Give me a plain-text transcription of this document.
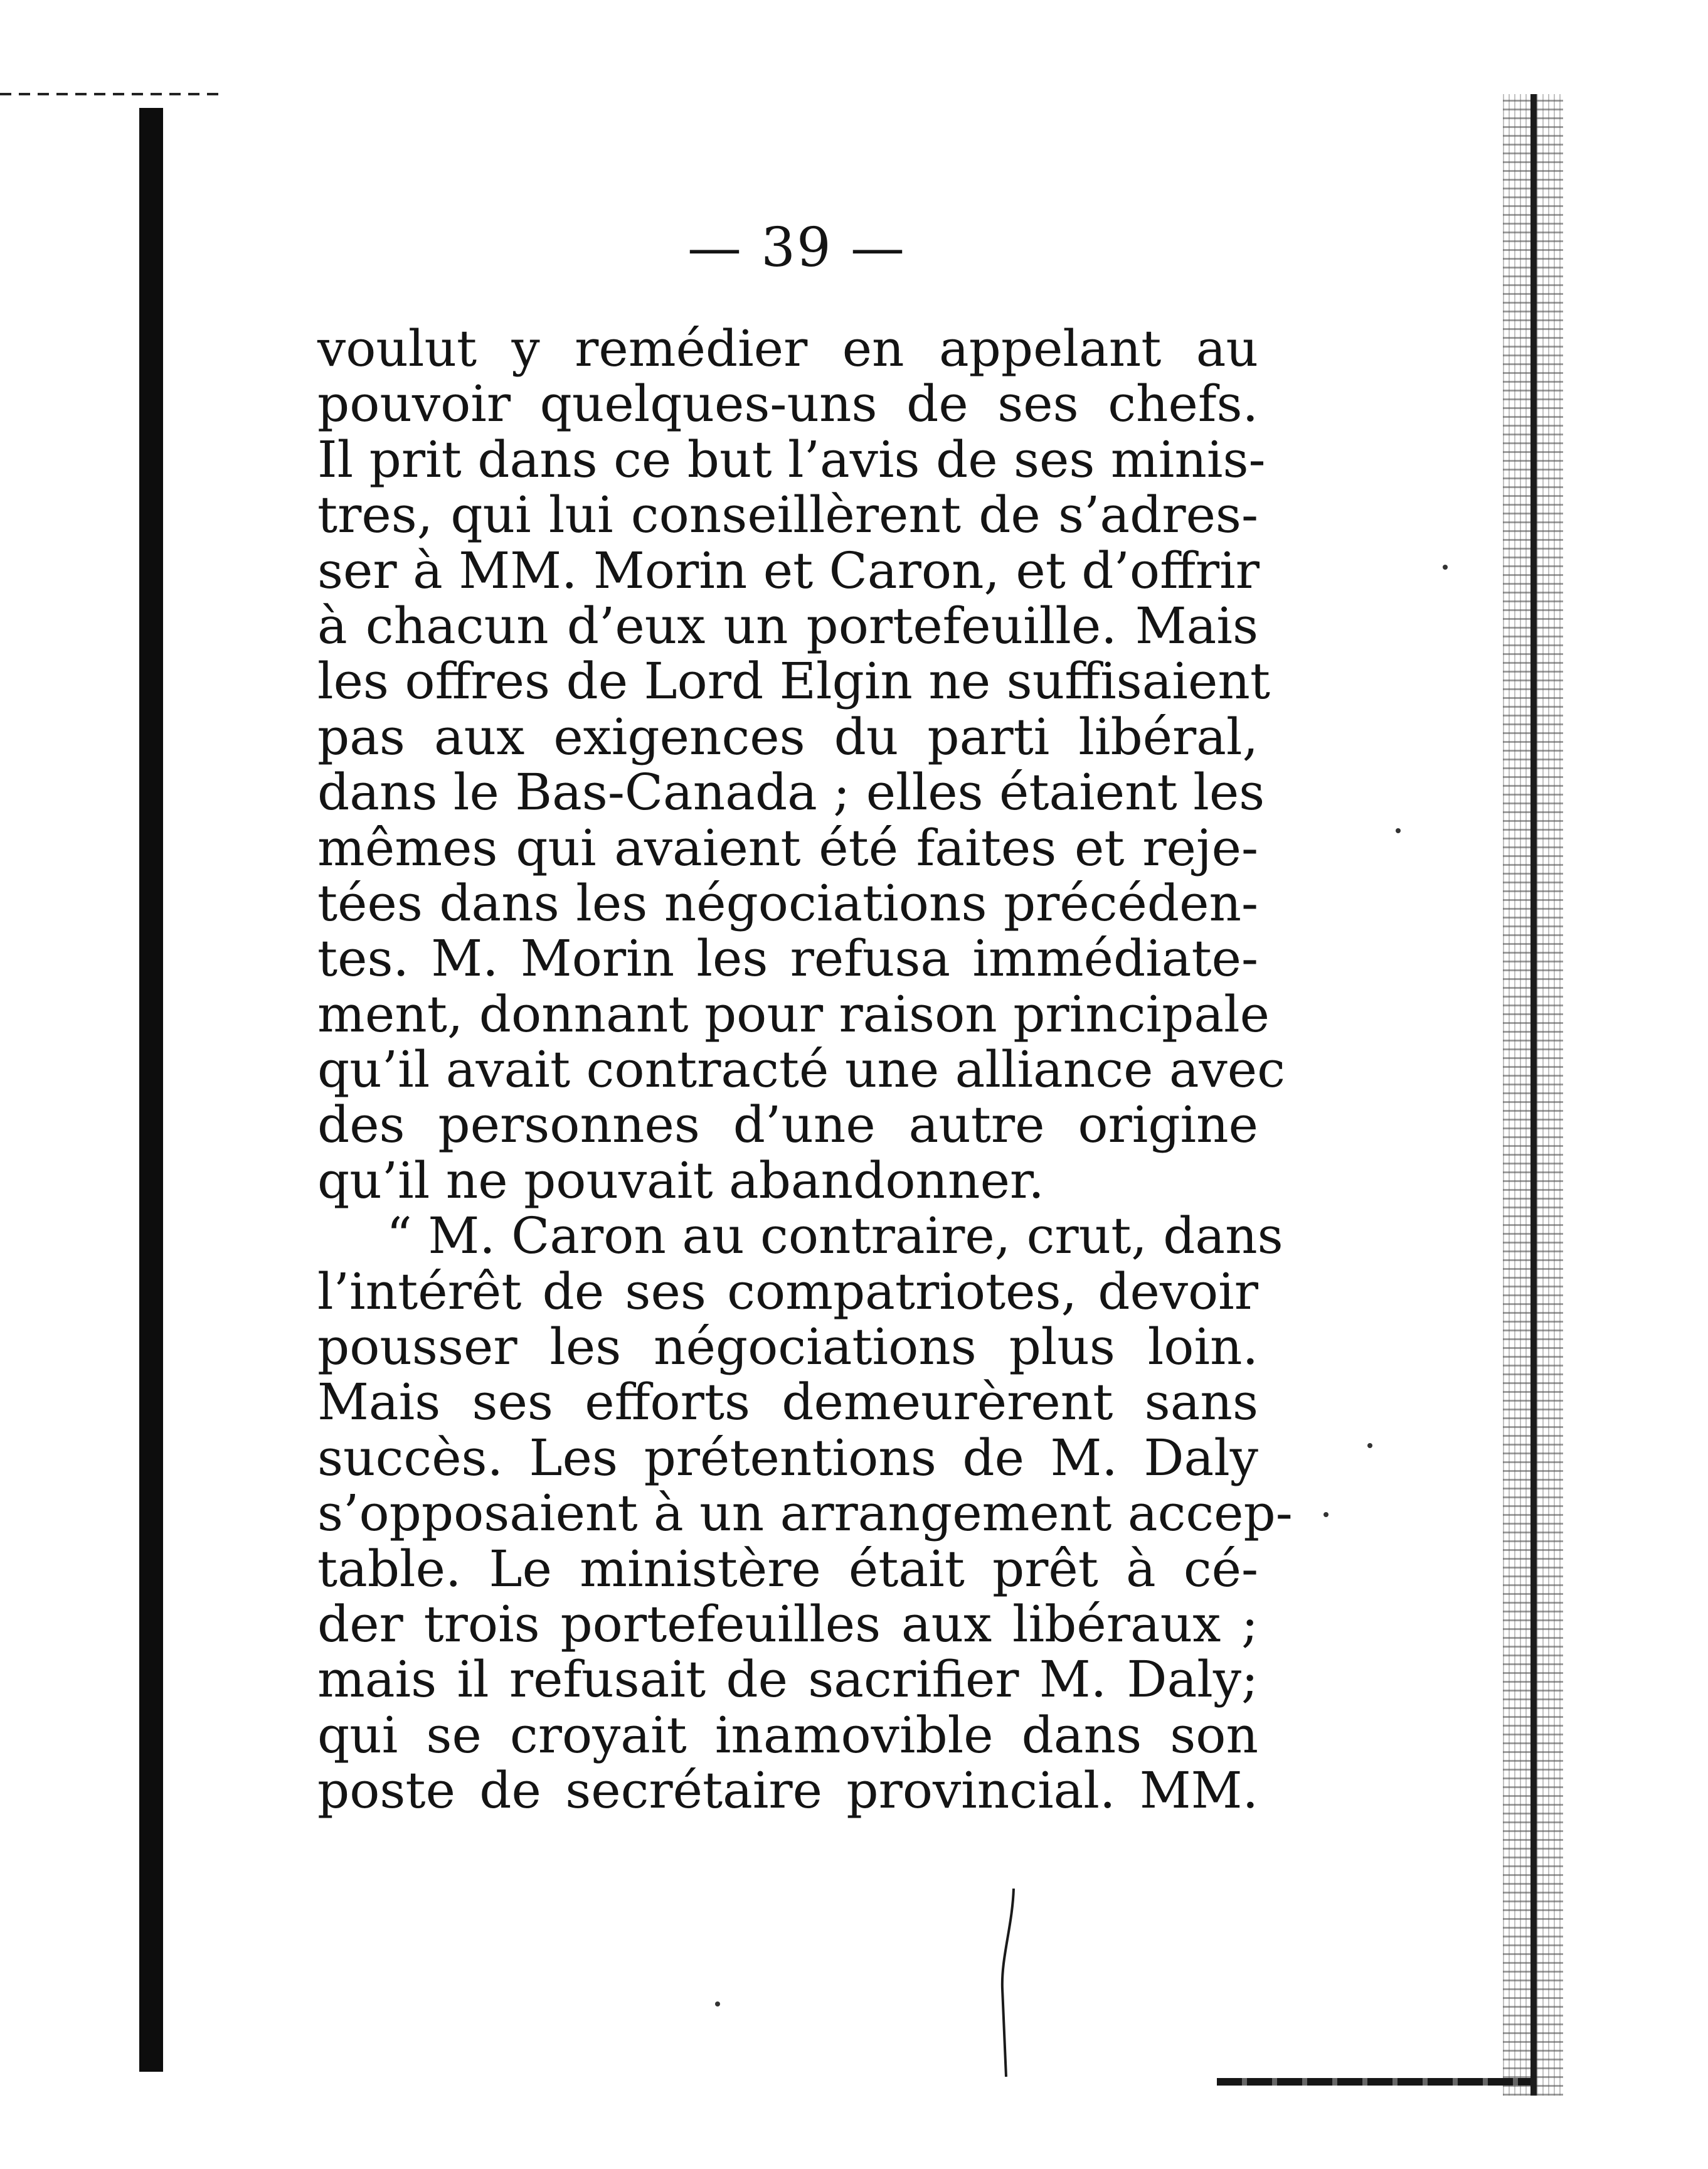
— 39 —
voulut y remédier en appelant au
pouvoir quelques-uns de ses chefs.
Il prit dans ce but l’avis de ses minis-
tres, qui lui conseillèrent de s’adres-
ser à MM. Morin et Caron, et d’offrir
à chacun d’eux un portefeuille. Mais
les offres de Lord Elgin ne suffisaient
pas aux exigences du parti libéral,
dans le Bas-Canada ; elles étaient les
mêmes qui avaient été faites et reje-
tées dans les négociations précéden-
tes. M. Morin les refusa immédiate-
ment, donnant pour raison principale
qu’il avait contracté une alliance avec
des personnes d’une autre origine
qu’il ne pouvait abandonner.
“ M. Caron au contraire, crut, dans
l’intérêt de ses compatriotes, devoir
pousser les négociations plus loin.
Mais ses efforts demeurèrent sans
succès. Les prétentions de M. Daly
s’opposaient à un arrangement accep-
table. Le ministère était prêt à cé-
der trois portefeuilles aux libéraux ;
mais il refusait de sacrifier M. Daly;
qui se croyait inamovible dans son
poste de secrétaire provincial. MM.
